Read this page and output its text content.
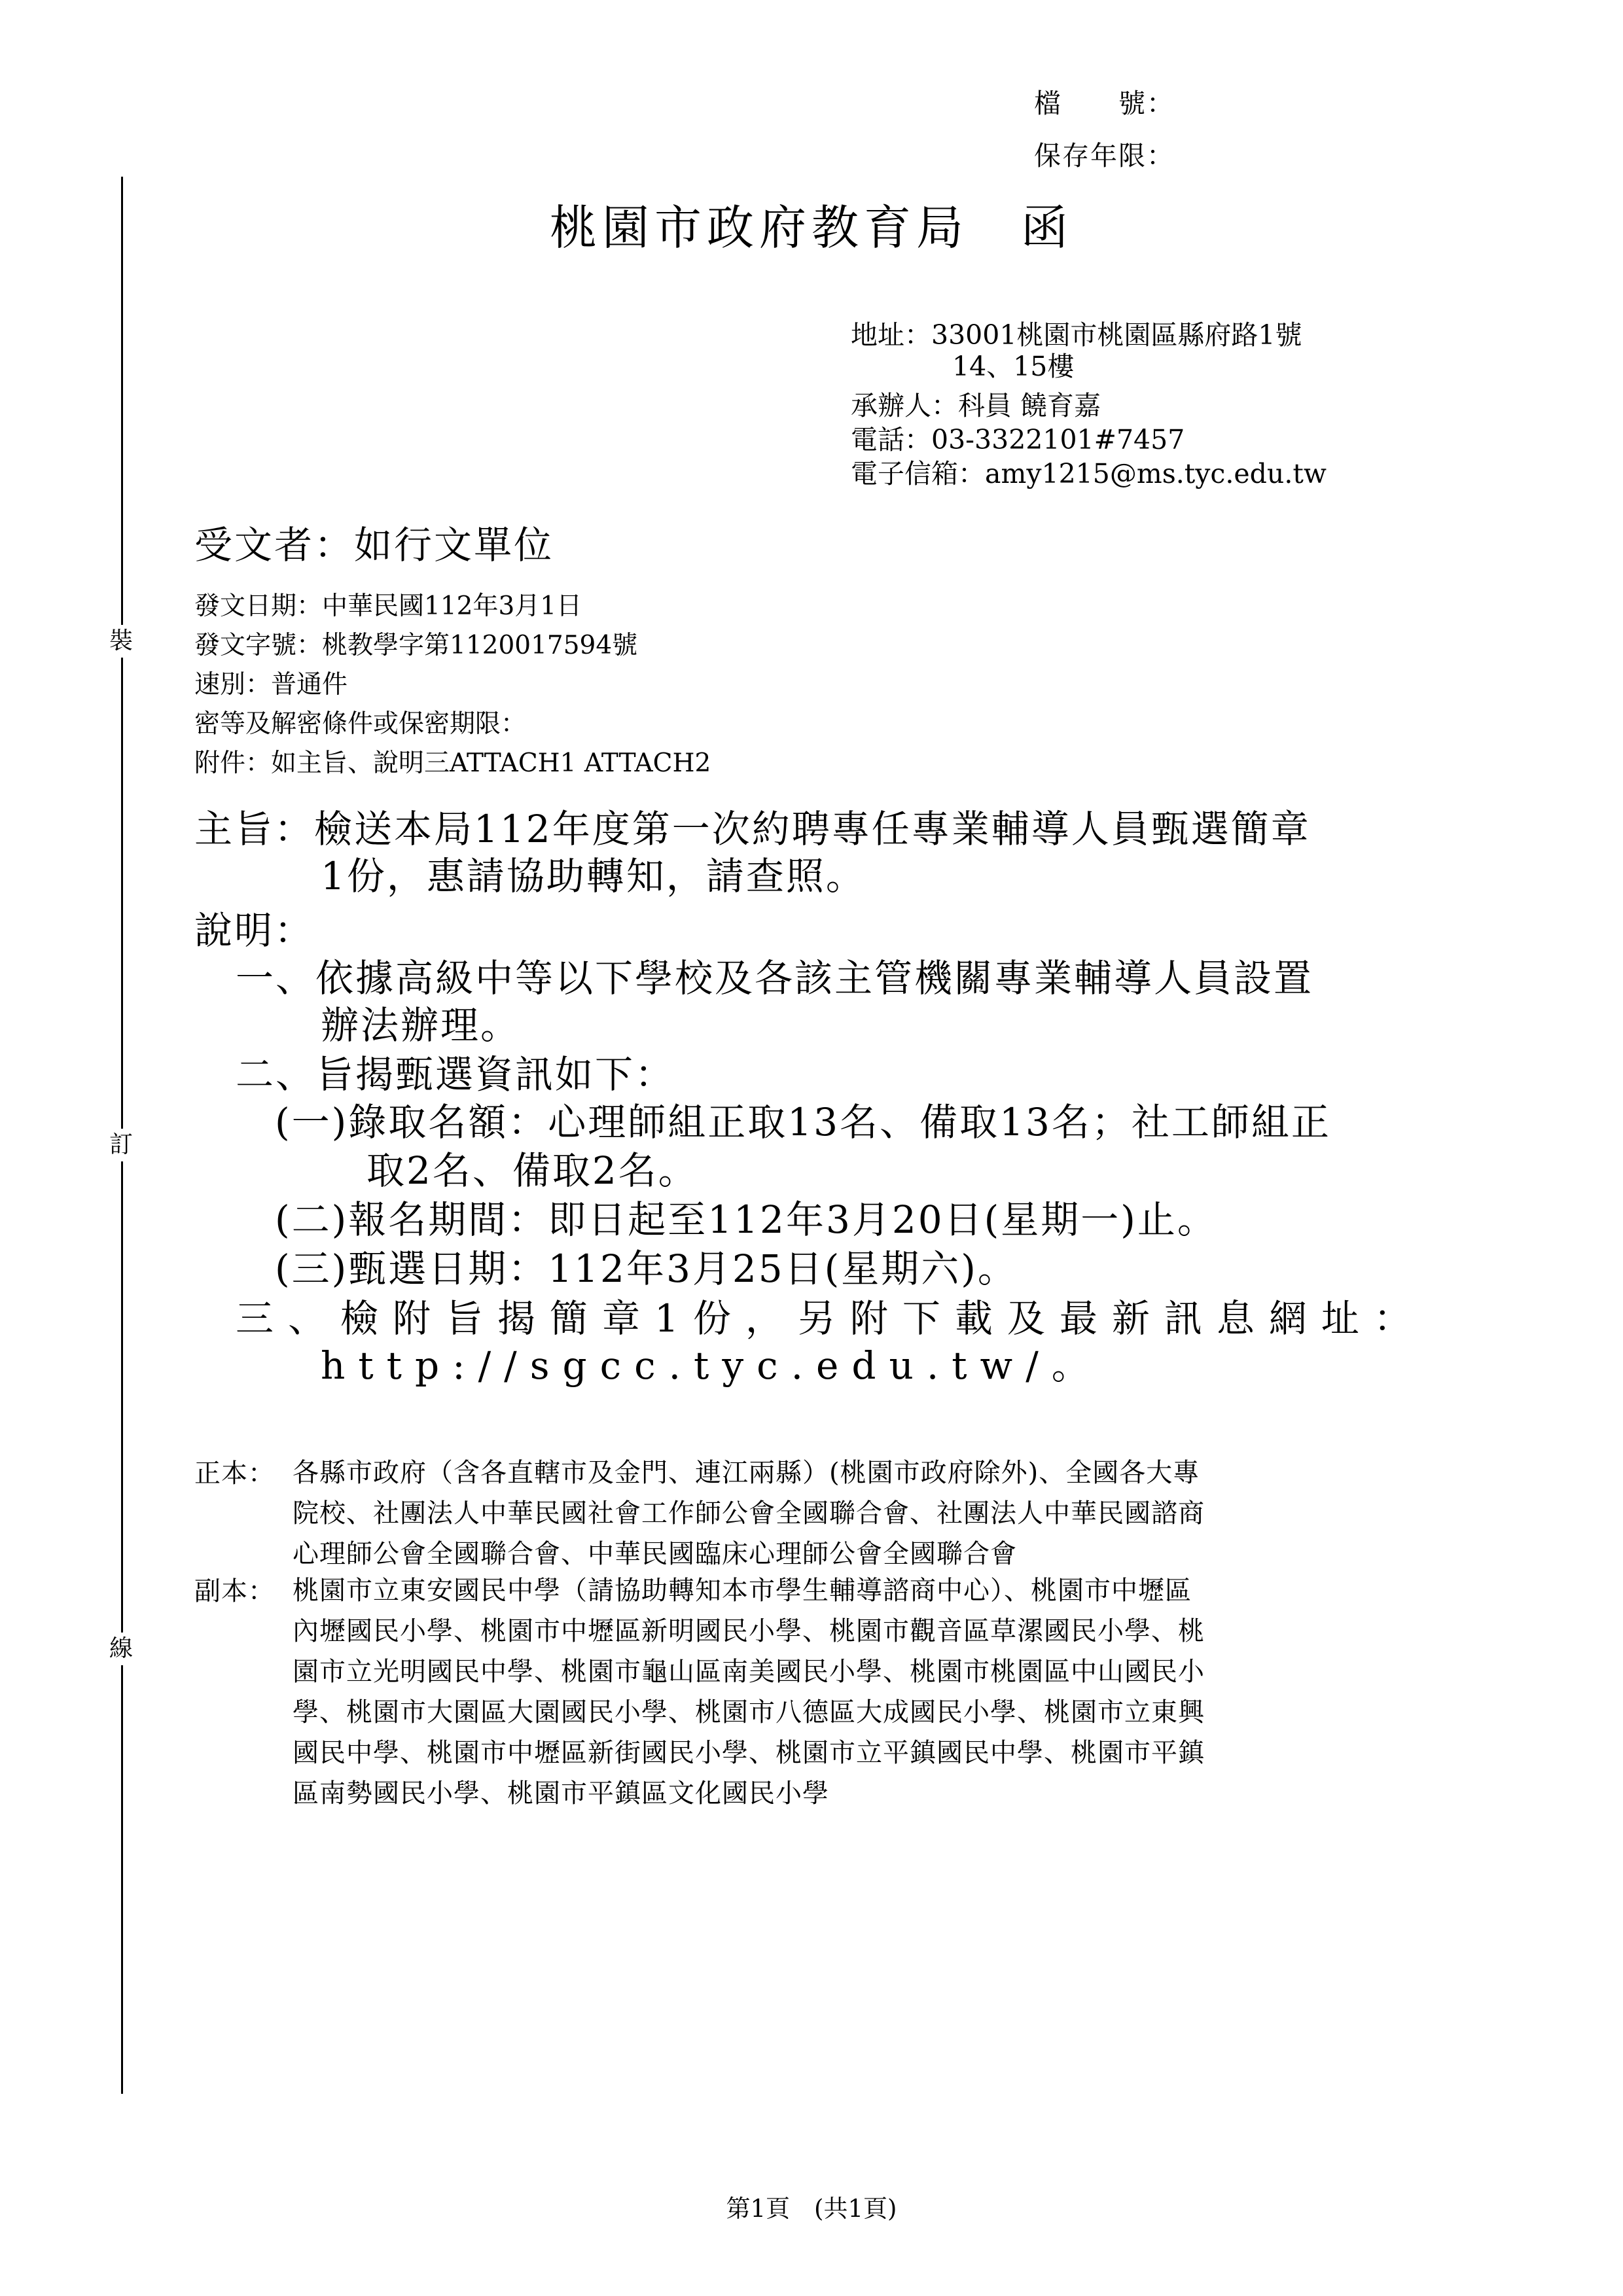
檔　　號：
保存年限：
桃園市政府教育局　函
地址：33001桃園市桃園區縣府路1號
14、15樓
承辦人：科員 饒育嘉
電話：03-3322101#7457
電子信箱：amy1215@ms.tyc.edu.tw
裝
訂
線
受文者：如行文單位
發文日期：中華民國112年3月1日
發文字號：桃教學字第1120017594號
速別：普通件
密等及解密條件或保密期限：
附件：如主旨、說明三ATTACH1 ATTACH2
主旨：檢送本局112年度第一次約聘專任專業輔導人員甄選簡章
1份，惠請協助轉知，請查照。
說明：
一、依據高級中等以下學校及各該主管機關專業輔導人員設置
辦法辦理。
二、旨揭甄選資訊如下：
(一)錄取名額：心理師組正取13名、備取13名；社工師組正
取2名、備取2名。
(二)報名期間：即日起至112年3月20日(星期一)止。
(三)甄選日期：112年3月25日(星期六)。
三、檢附旨揭簡章1份，另附下載及最新訊息網址：
http://sgcc.tyc.edu.tw/。
正本： 各縣市政府（含各直轄市及金門、連江兩縣）(桃園市政府除外)、全國各大專
院校、社團法人中華民國社會工作師公會全國聯合會、社團法人中華民國諮商
心理師公會全國聯合會、中華民國臨床心理師公會全國聯合會
副本： 桃園市立東安國民中學（請協助轉知本市學生輔導諮商中心）、桃園市中壢區
內壢國民小學、桃園市中壢區新明國民小學、桃園市觀音區草漯國民小學、桃
園市立光明國民中學、桃園市龜山區南美國民小學、桃園市桃園區中山國民小
學、桃園市大園區大園國民小學、桃園市八德區大成國民小學、桃園市立東興
國民中學、桃園市中壢區新街國民小學、桃園市立平鎮國民中學、桃園市平鎮
區南勢國民小學、桃園市平鎮區文化國民小學
第1頁　(共1頁)
